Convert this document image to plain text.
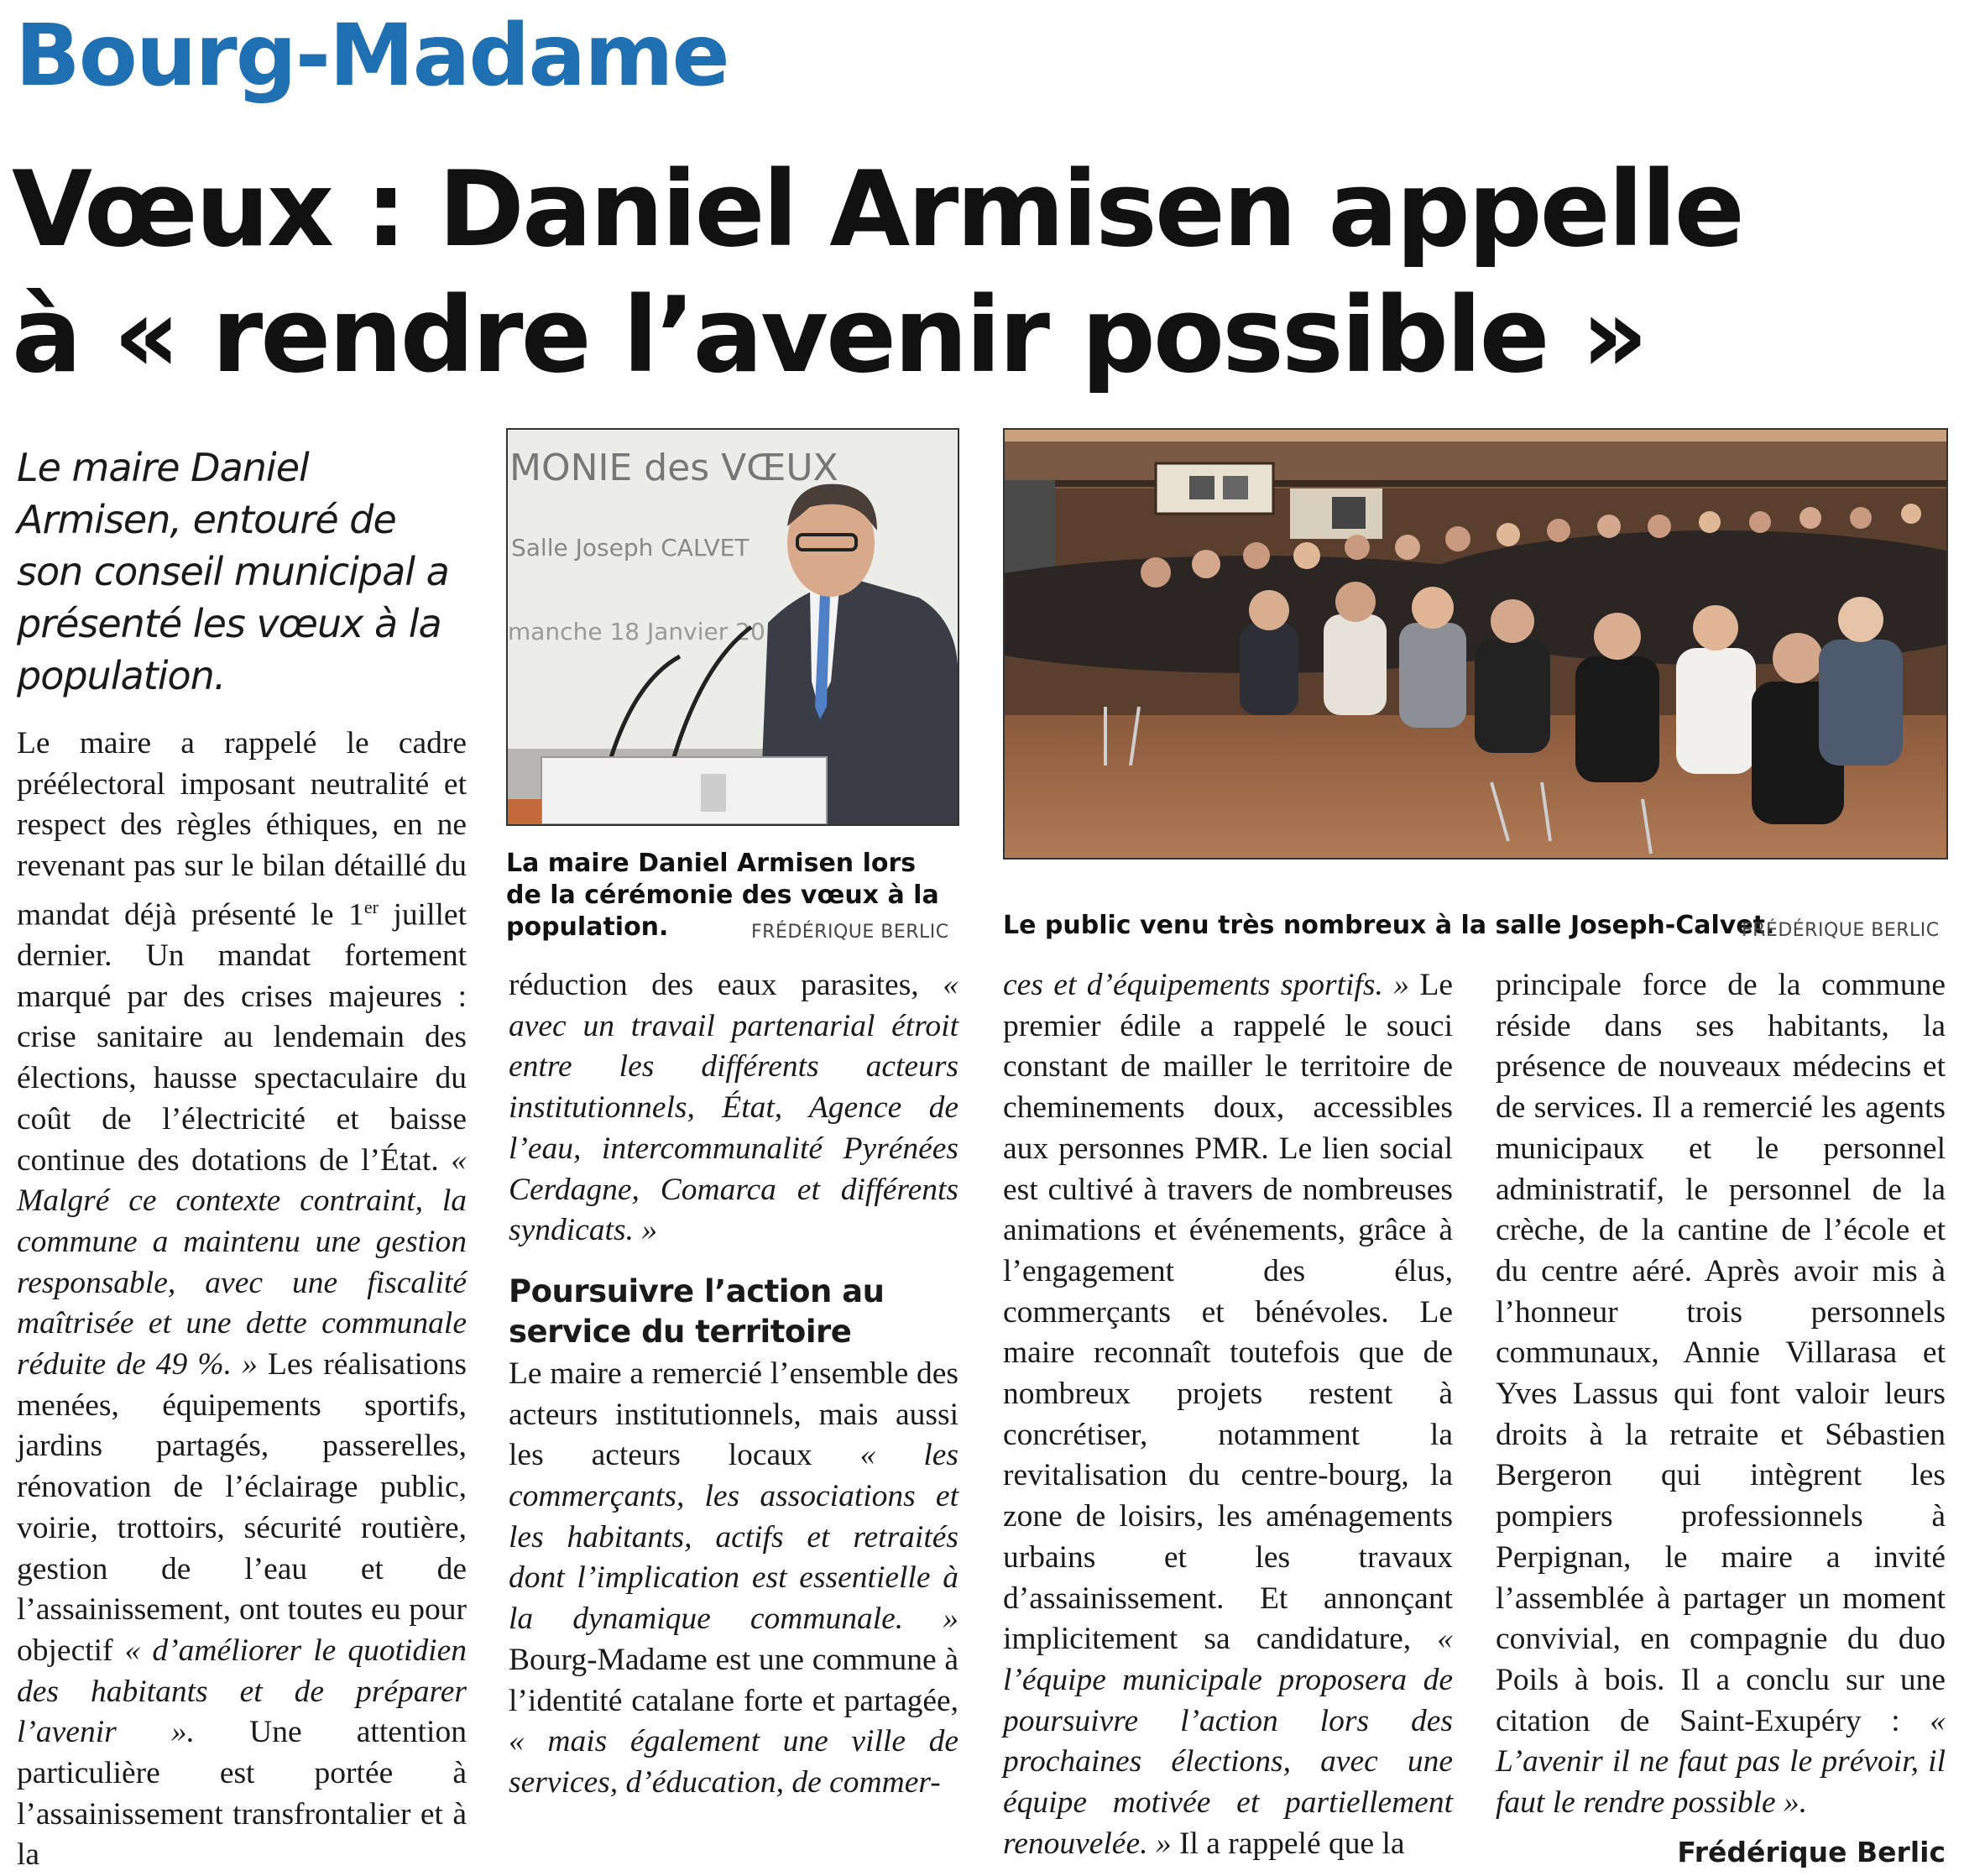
Bourg-Madame
Vœux : Daniel Armisen appelle
à « rendre l’avenir possible »
Le maire Daniel Armisen, entouré de son conseil municipal a présenté les vœux à la population.

Le maire a rappelé le cadre préélectoral imposant neutralité et respect des règles éthiques, en ne revenant pas sur le bilan détaillé du mandat déjà présenté le 1er juillet dernier. Un mandat fortement marqué par des crises majeures : crise sanitaire au lendemain des élections, hausse spectaculaire du coût de l’électricité et baisse continue des dotations de l’État. « Malgré ce contexte contraint, la commune a maintenu une gestion responsable, avec une fiscalité maîtrisée et une dette communale réduite de 49 %. » Les réalisations menées, équipements sportifs, jardins partagés, passerelles, rénovation de l’éclairage public, voirie, trottoirs, sécurité routière, gestion de l’eau et de l’assainissement, ont toutes eu pour objectif « d’améliorer le quotidien des habitants et de préparer l’avenir ». Une attention particulière est portée à l’assainissement transfrontalier et à la

réduction des eaux parasites, « avec un travail partenarial étroit entre les différents acteurs institutionnels, État, Agence de l’eau, intercommunalité Pyrénées Cerdagne, Comarca et différents syndicats. »

Poursuivre l’action au service du territoire

Le maire a remercié l’ensemble des acteurs institutionnels, mais aussi les acteurs locaux « les commerçants, les associations et les habitants, actifs et retraités dont l’implication est essentielle à la dynamique communale. » Bourg-Madame est une commune à l’identité catalane forte et partagée, « mais également une ville de services, d’éducation, de commer-

ces et d’équipements sportifs. » Le premier édile a rappelé le souci constant de mailler le territoire de cheminements doux, accessibles aux personnes PMR. Le lien social est cultivé à travers de nombreuses animations et événements, grâce à l’engagement des élus, commerçants et bénévoles. Le maire reconnaît toutefois que de nombreux projets restent à concrétiser, notamment la revitalisation du centre-bourg, la zone de loisirs, les aménagements urbains et les travaux d’assainissement. Et annonçant implicitement sa candidature, « l’équipe municipale proposera de poursuivre l’action lors des prochaines élections, avec une équipe motivée et partiellement renouvelée. » Il a rappelé que la

principale force de la commune réside dans ses habitants, la présence de nouveaux médecins et de services. Il a remercié les agents municipaux et le personnel administratif, le personnel de la crèche, de la cantine de l’école et du centre aéré. Après avoir mis à l’honneur trois personnels communaux, Annie Villarasa et Yves Lassus qui font valoir leurs droits à la retraite et Sébastien Bergeron qui intègrent les pompiers professionnels à Perpignan, le maire a invité l’assemblée à partager un moment convivial, en compagnie du duo Poils à bois. Il a conclu sur une citation de Saint-Exupéry : « L’avenir il ne faut pas le prévoir, il faut le rendre possible ».

Frédérique Berlic
MONIE des VŒUX
Salle Joseph CALVET
manche 18 Janvier 20
La maire Daniel Armisen lors de la cérémonie des vœux à la population.	FRÉDÉRIQUE BERLIC Le public venu très nombreux à la salle Joseph-Calvet.
FRÉDÉRIQUE BERLIC
